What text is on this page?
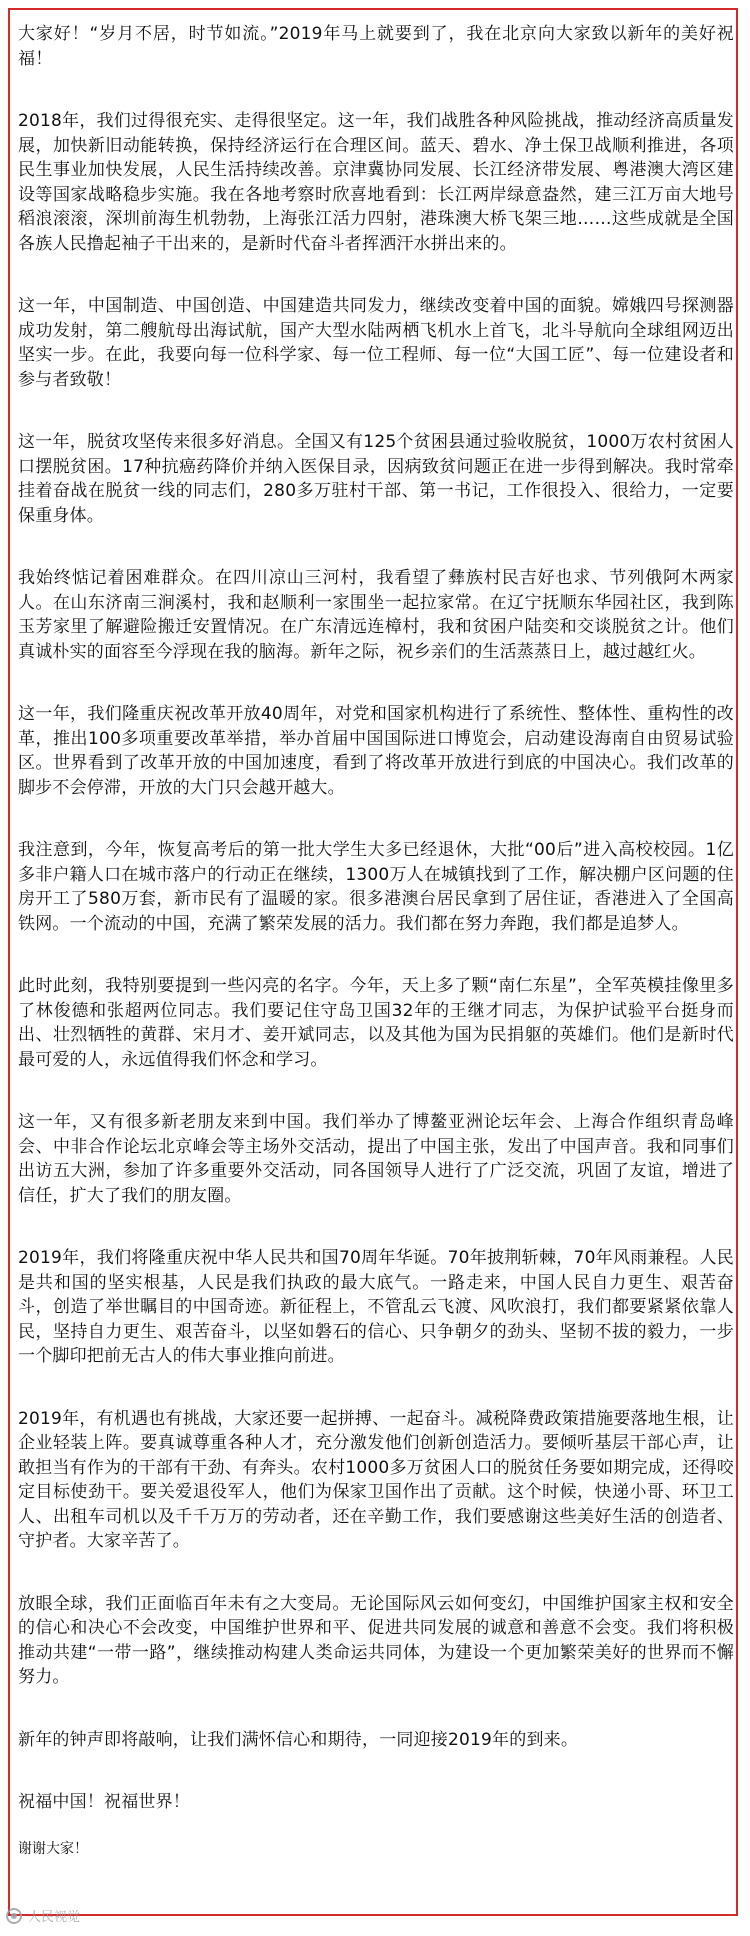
大家好！“岁月不居，时节如流。”2019年马上就要到了，我在北京向大家致以新年的美好祝福！

2018年，我们过得很充实、走得很坚定。这一年，我们战胜各种风险挑战，推动经济高质量发展，加快新旧动能转换，保持经济运行在合理区间。蓝天、碧水、净土保卫战顺利推进，各项民生事业加快发展，人民生活持续改善。京津冀协同发展、长江经济带发展、粤港澳大湾区建设等国家战略稳步实施。我在各地考察时欣喜地看到：长江两岸绿意盎然，建三江万亩大地号稻浪滚滚，深圳前海生机勃勃，上海张江活力四射，港珠澳大桥飞架三地……这些成就是全国各族人民撸起袖子干出来的，是新时代奋斗者挥洒汗水拼出来的。

这一年，中国制造、中国创造、中国建造共同发力，继续改变着中国的面貌。嫦娥四号探测器成功发射，第二艘航母出海试航，国产大型水陆两栖飞机水上首飞，北斗导航向全球组网迈出坚实一步。在此，我要向每一位科学家、每一位工程师、每一位“大国工匠”、每一位建设者和参与者致敬！

这一年，脱贫攻坚传来很多好消息。全国又有125个贫困县通过验收脱贫，1000万农村贫困人口摆脱贫困。17种抗癌药降价并纳入医保目录，因病致贫问题正在进一步得到解决。我时常牵挂着奋战在脱贫一线的同志们，280多万驻村干部、第一书记，工作很投入、很给力，一定要保重身体。

我始终惦记着困难群众。在四川凉山三河村，我看望了彝族村民吉好也求、节列俄阿木两家人。在山东济南三涧溪村，我和赵顺利一家围坐一起拉家常。在辽宁抚顺东华园社区，我到陈玉芳家里了解避险搬迁安置情况。在广东清远连樟村，我和贫困户陆奕和交谈脱贫之计。他们真诚朴实的面容至今浮现在我的脑海。新年之际，祝乡亲们的生活蒸蒸日上，越过越红火。

这一年，我们隆重庆祝改革开放40周年，对党和国家机构进行了系统性、整体性、重构性的改革，推出100多项重要改革举措，举办首届中国国际进口博览会，启动建设海南自由贸易试验区。世界看到了改革开放的中国加速度，看到了将改革开放进行到底的中国决心。我们改革的脚步不会停滞，开放的大门只会越开越大。

我注意到，今年，恢复高考后的第一批大学生大多已经退休，大批“00后”进入高校校园。1亿多非户籍人口在城市落户的行动正在继续，1300万人在城镇找到了工作，解决棚户区问题的住房开工了580万套，新市民有了温暖的家。很多港澳台居民拿到了居住证，香港进入了全国高铁网。一个流动的中国，充满了繁荣发展的活力。我们都在努力奔跑，我们都是追梦人。

此时此刻，我特别要提到一些闪亮的名字。今年，天上多了颗“南仁东星”，全军英模挂像里多了林俊德和张超两位同志。我们要记住守岛卫国32年的王继才同志，为保护试验平台挺身而出、壮烈牺牲的黄群、宋月才、姜开斌同志，以及其他为国为民捐躯的英雄们。他们是新时代最可爱的人，永远值得我们怀念和学习。

这一年，又有很多新老朋友来到中国。我们举办了博鳌亚洲论坛年会、上海合作组织青岛峰会、中非合作论坛北京峰会等主场外交活动，提出了中国主张，发出了中国声音。我和同事们出访五大洲，参加了许多重要外交活动，同各国领导人进行了广泛交流，巩固了友谊，增进了信任，扩大了我们的朋友圈。

2019年，我们将隆重庆祝中华人民共和国70周年华诞。70年披荆斩棘，70年风雨兼程。人民是共和国的坚实根基，人民是我们执政的最大底气。一路走来，中国人民自力更生、艰苦奋斗，创造了举世瞩目的中国奇迹。新征程上，不管乱云飞渡、风吹浪打，我们都要紧紧依靠人民，坚持自力更生、艰苦奋斗，以坚如磐石的信心、只争朝夕的劲头、坚韧不拔的毅力，一步一个脚印把前无古人的伟大事业推向前进。

2019年，有机遇也有挑战，大家还要一起拼搏、一起奋斗。减税降费政策措施要落地生根，让企业轻装上阵。要真诚尊重各种人才，充分激发他们创新创造活力。要倾听基层干部心声，让敢担当有作为的干部有干劲、有奔头。农村1000多万贫困人口的脱贫任务要如期完成，还得咬定目标使劲干。要关爱退役军人，他们为保家卫国作出了贡献。这个时候，快递小哥、环卫工人、出租车司机以及千千万万的劳动者，还在辛勤工作，我们要感谢这些美好生活的创造者、守护者。大家辛苦了。

放眼全球，我们正面临百年未有之大变局。无论国际风云如何变幻，中国维护国家主权和安全的信心和决心不会改变，中国维护世界和平、促进共同发展的诚意和善意不会变。我们将积极推动共建“一带一路”，继续推动构建人类命运共同体，为建设一个更加繁荣美好的世界而不懈努力。

新年的钟声即将敲响，让我们满怀信心和期待，一同迎接2019年的到来。

祝福中国！祝福世界！

谢谢大家！

人民视觉
